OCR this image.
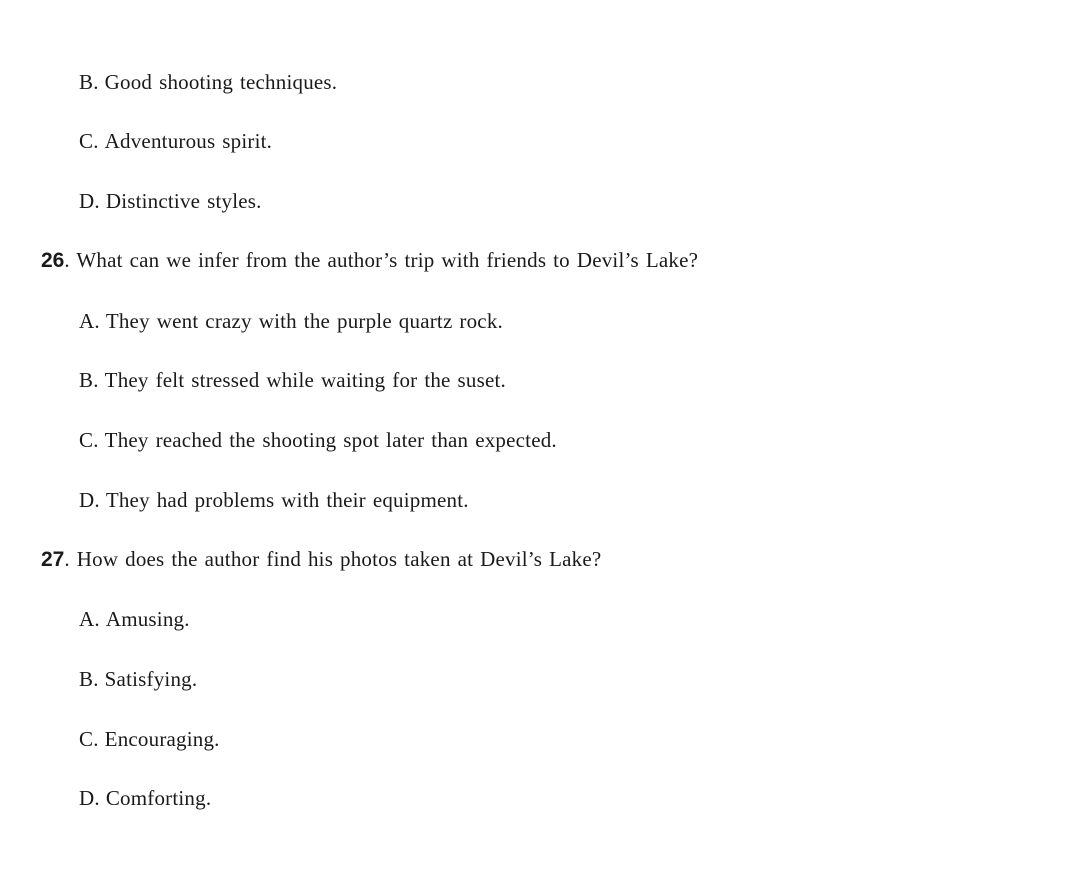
B. Good shooting techniques.
C. Adventurous spirit.
D. Distinctive styles.
26. What can we infer from the author’s trip with friends to Devil’s Lake?
A. They went crazy with the purple quartz rock.
B. They felt stressed while waiting for the suset.
C. They reached the shooting spot later than expected.
D. They had problems with their equipment.
27. How does the author find his photos taken at Devil’s Lake?
A. Amusing.
B. Satisfying.
C. Encouraging.
D. Comforting.
